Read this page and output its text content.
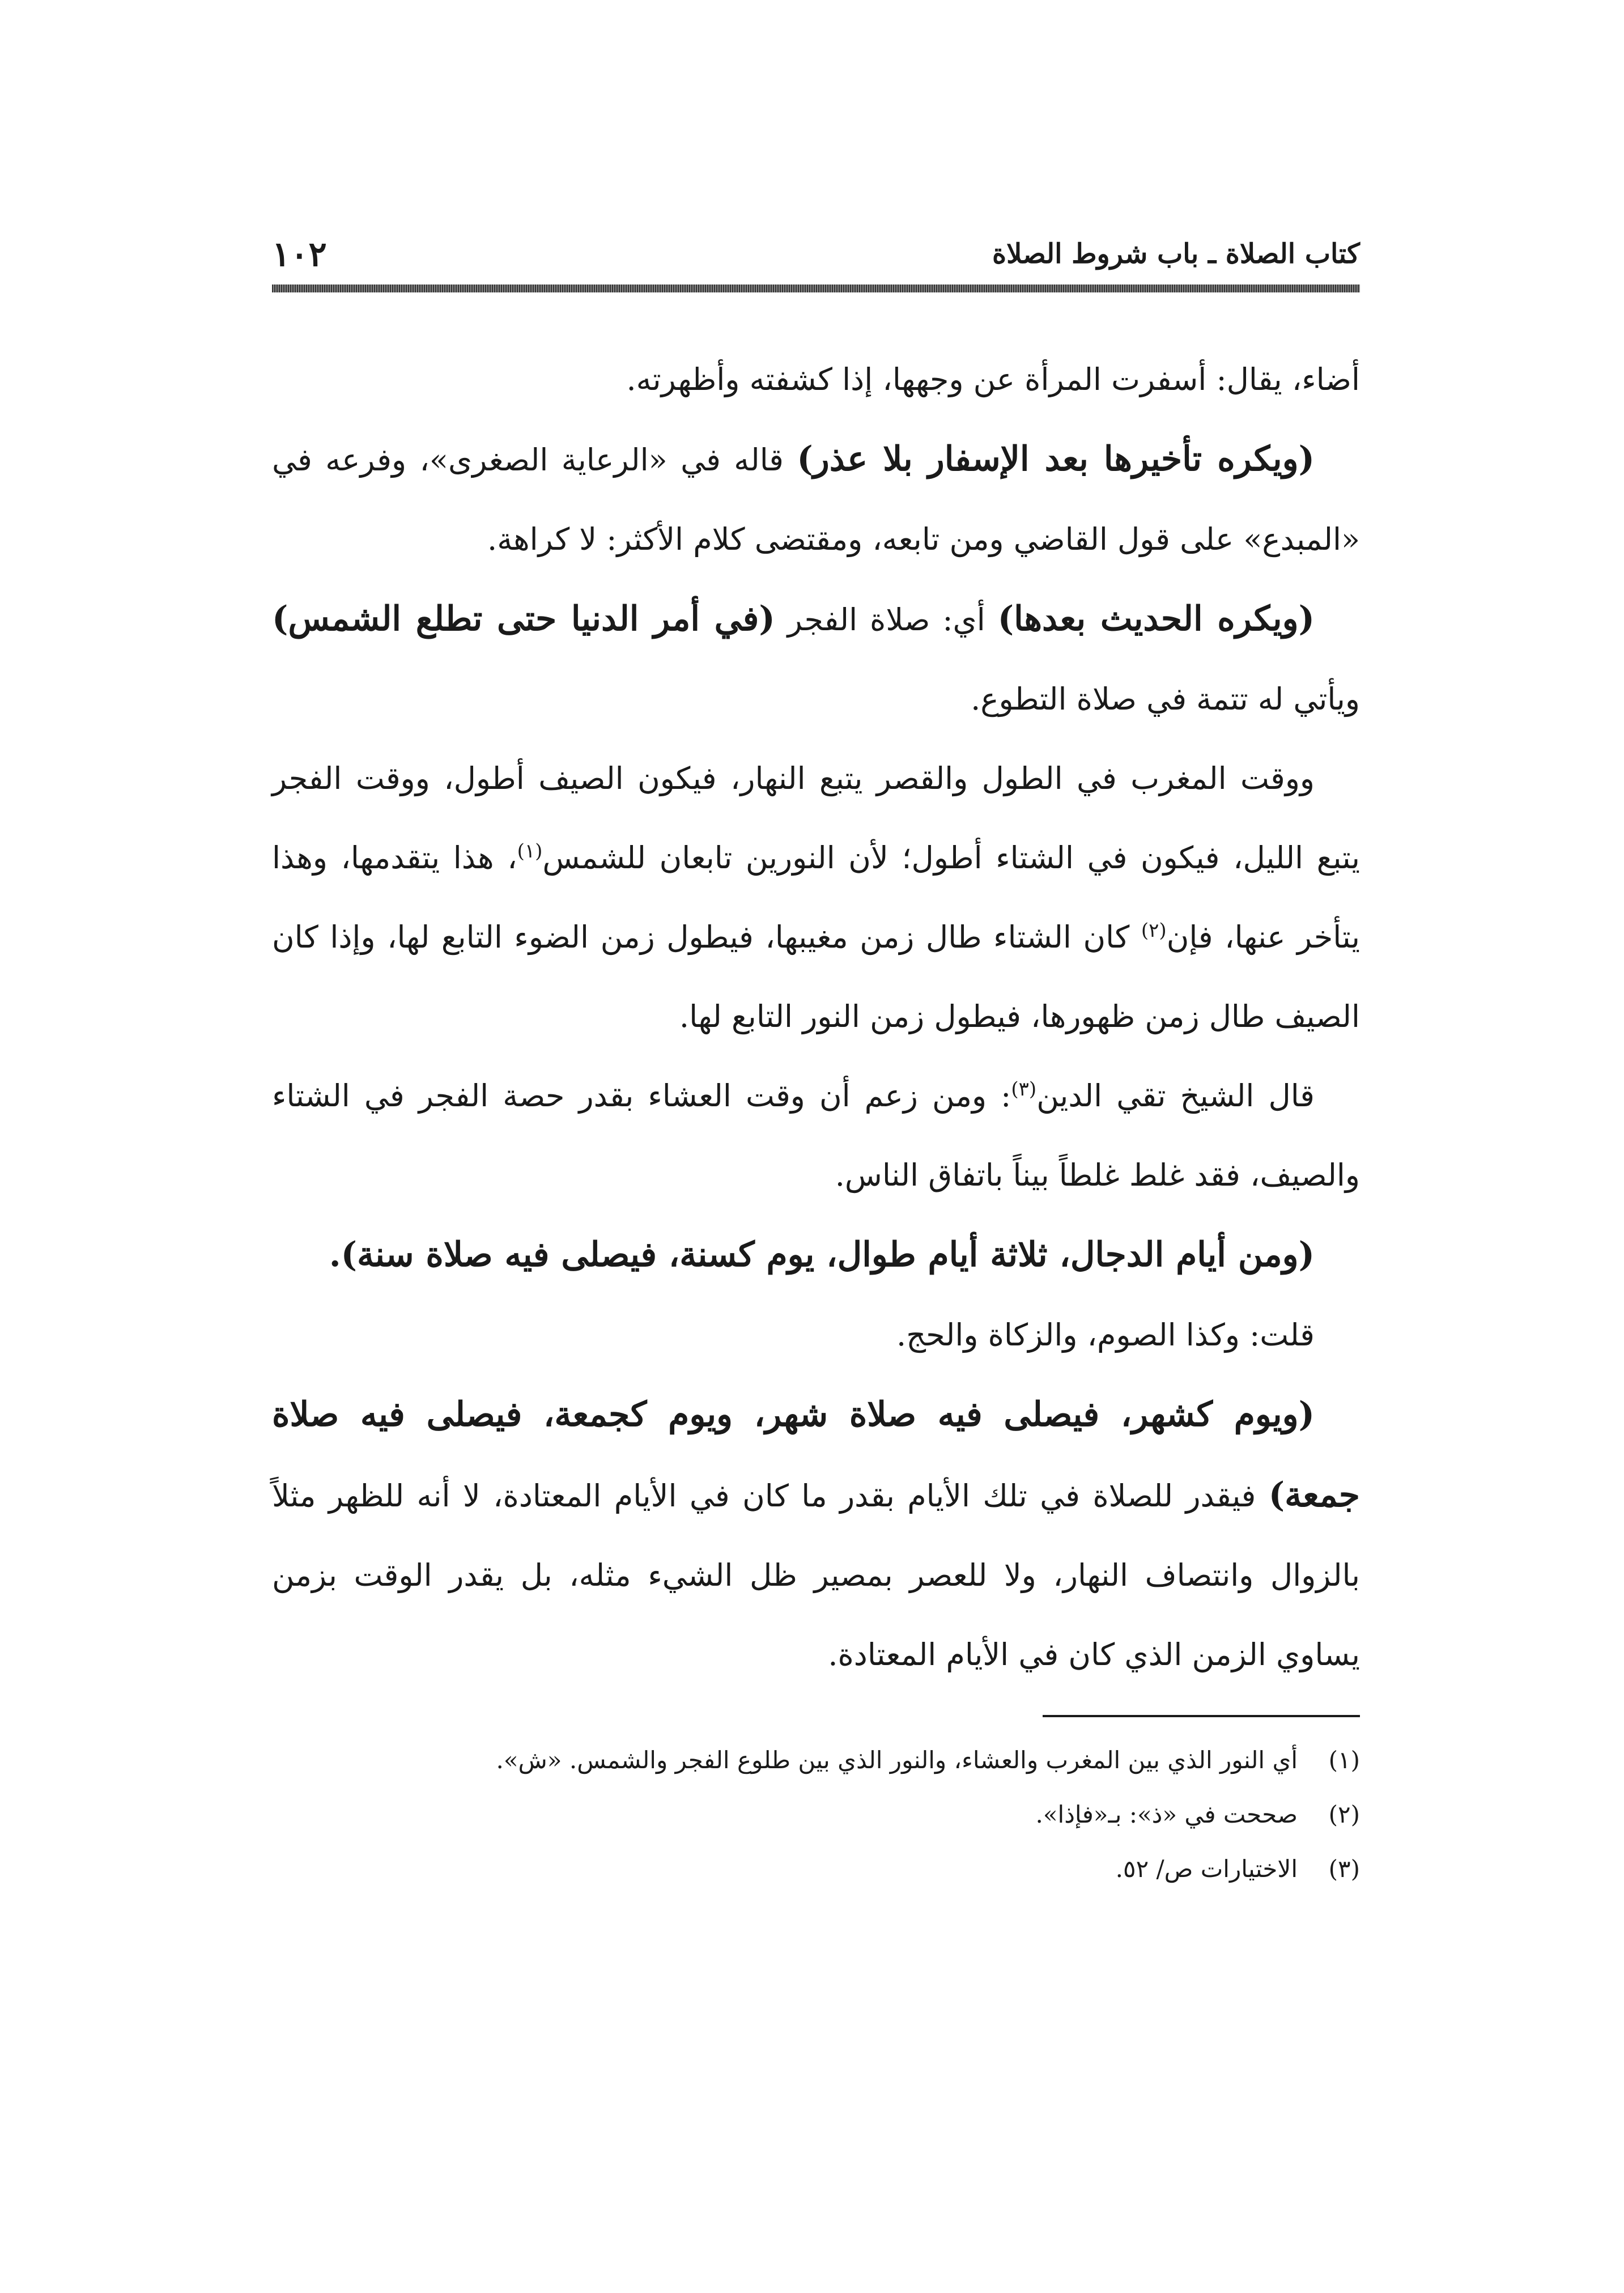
كتاب الصلاة ـ باب شروط الصلاة
١٠٢

أضاء، يقال: أسفرت المرأة عن وجهها، إذا كشفته وأظهرته.

(ويكره تأخيرها بعد الإسفار بلا عذر) قاله في «الرعاية الصغرى»، وفرعه في «المبدع» على قول القاضي ومن تابعه، ومقتضى كلام الأكثر: لا كراهة.

(ويكره الحديث بعدها) أي: صلاة الفجر (في أمر الدنيا حتى تطلع الشمس) ويأتي له تتمة في صلاة التطوع.

ووقت المغرب في الطول والقصر يتبع النهار، فيكون الصيف أطول، ووقت الفجر يتبع الليل، فيكون في الشتاء أطول؛ لأن النورين تابعان للشمس$^{(١)}$، هذا يتقدمها، وهذا يتأخر عنها، فإن$^{(٢)}$ كان الشتاء طال زمن مغيبها، فيطول زمن الضوء التابع لها، وإذا كان الصيف طال زمن ظهورها، فيطول زمن النور التابع لها.

قال الشيخ تقي الدين$^{(٣)}$: ومن زعم أن وقت العشاء بقدر حصة الفجر في الشتاء والصيف، فقد غلط غلطاً بيناً باتفاق الناس.

(ومن أيام الدجال، ثلاثة أيام طوال، يوم كسنة، فيصلى فيه صلاة سنة).

قلت: وكذا الصوم، والزكاة والحج.

(ويوم كشهر، فيصلى فيه صلاة شهر، ويوم كجمعة، فيصلى فيه صلاة جمعة) فيقدر للصلاة في تلك الأيام بقدر ما كان في الأيام المعتادة، لا أنه للظهر مثلاً بالزوال وانتصاف النهار، ولا للعصر بمصير ظل الشيء مثله، بل يقدر الوقت بزمن يساوي الزمن الذي كان في الأيام المعتادة.

(١)
أي النور الذي بين المغرب والعشاء، والنور الذي بين طلوع الفجر والشمس. «ش».
(٢)
صححت في «ذ»: بـ«فإذا».
(٣)
الاختيارات ص/ ٥٢.
